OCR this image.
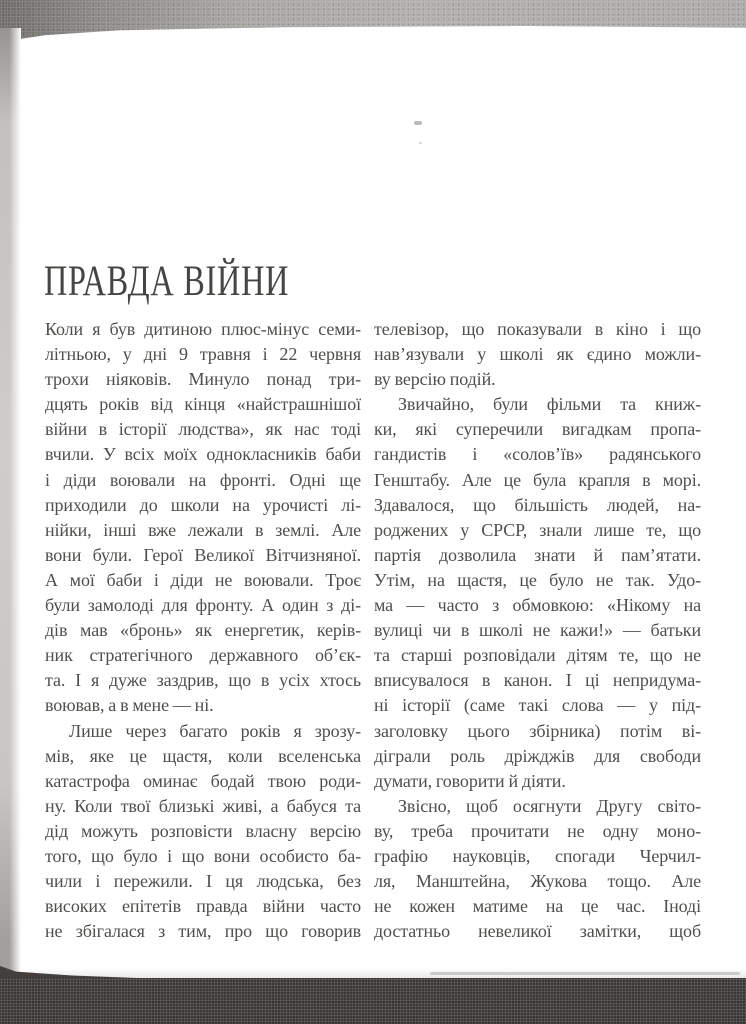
ПРАВДА ВІЙНИ
Коли я був дитиною плюс-мінус семи-
літньою, у дні 9 травня і 22 червня
трохи ніяковів. Минуло понад три-
дцять років від кінця «найстрашнішої
війни в історії людства», як нас тоді
вчили. У всіх моїх однокласників баби
і діди воювали на фронті. Одні ще
приходили до школи на урочисті лі-
нійки, інші вже лежали в землі. Але
вони були. Герої Великої Вітчизняної.
А мої баби і діди не воювали. Троє
були замолоді для фронту. А один з ді-
дів мав «бронь» як енергетик, керів-
ник стратегічного державного об’єк-
та. І я дуже заздрив, що в усіх хтось
воював, а в мене — ні.
Лише через багато років я зрозу-
мів, яке це щастя, коли вселенська
катастрофа оминає бодай твою роди-
ну. Коли твої близькі живі, а бабуся та
дід можуть розповісти власну версію
того, що було і що вони особисто ба-
чили і пережили. І ця людська, без
високих епітетів правда війни часто
не збігалася з тим, про що говорив
телевізор, що показували в кіно і що
нав’язували у школі як єдино можли-
ву версію подій.
Звичайно, були фільми та книж-
ки, які суперечили вигадкам пропа-
гандистів і «солов’їв» радянського
Генштабу. Але це була крапля в морі.
Здавалося, що більшість людей, на-
роджених у СРСР, знали лише те, що
партія дозволила знати й пам’ятати.
Утім, на щастя, це було не так. Удо-
ма — часто з обмовкою: «Нікому на
вулиці чи в школі не кажи!» — батьки
та старші розповідали дітям те, що не
вписувалося в канон. І ці непридума-
ні історії (саме такі слова — у під-
заголовку цього збірника) потім ві-
діграли роль дріжджів для свободи
думати, говорити й діяти.
Звісно, щоб осягнути Другу світо-
ву, треба прочитати не одну моно-
графію науковців, спогади Черчил-
ля, Манштейна, Жукова тощо. Але
не кожен матиме на це час. Іноді
достатньо невеликої замітки, щоб
